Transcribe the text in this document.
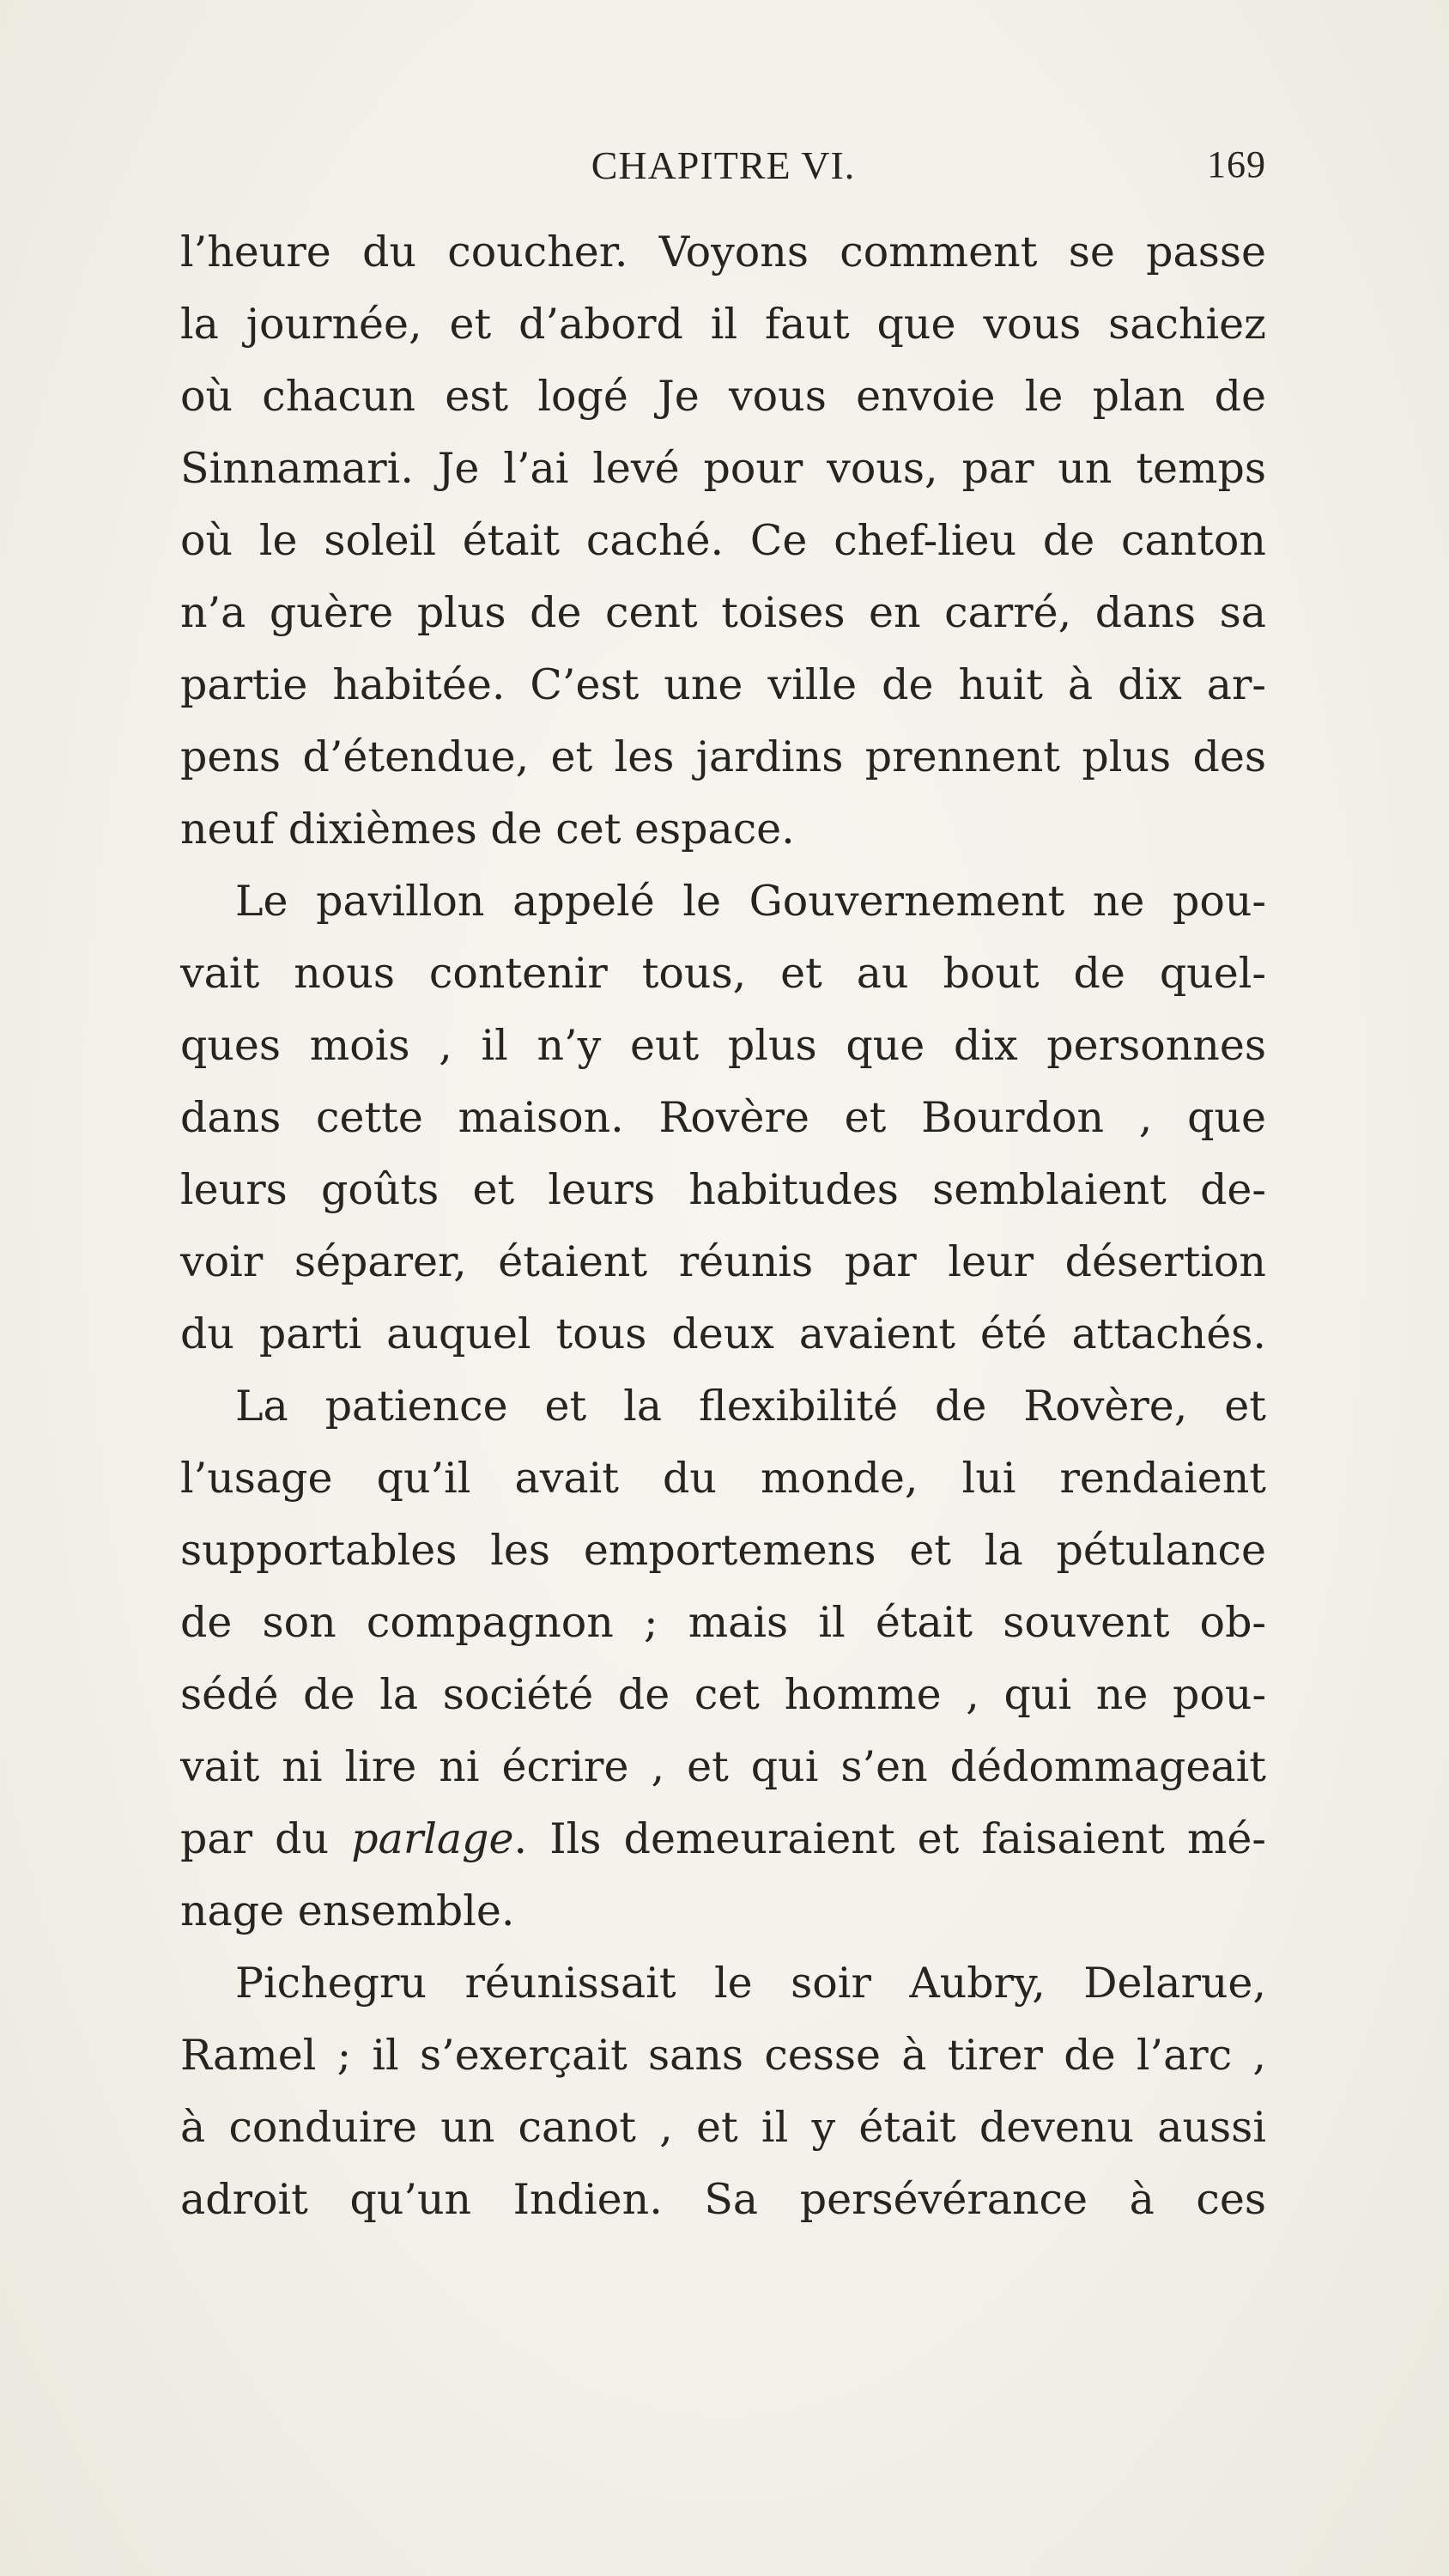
CHAPITRE VI.	169
l’heure du coucher. Voyons comment se passe
la journée, et d’abord il faut que vous sachiez
où chacun est logé Je vous envoie le plan de
Sinnamari. Je l’ai levé pour vous, par un temps
où le soleil était caché. Ce chef-lieu de canton
n’a guère plus de cent toises en carré, dans sa
partie habitée. C’est une ville de huit à dix ar-
pens d’étendue, et les jardins prennent plus des
neuf dixièmes de cet espace.
Le pavillon appelé le Gouvernement ne pou-
vait nous contenir tous, et au bout de quel-
ques mois , il n’y eut plus que dix personnes
dans cette maison. Rovère et Bourdon , que
leurs goûts et leurs habitudes semblaient de-
voir séparer, étaient réunis par leur désertion
du parti auquel tous deux avaient été attachés.
La patience et la flexibilité de Rovère, et
l’usage qu’il avait du monde, lui rendaient
supportables les emportemens et la pétulance
de son compagnon ; mais il était souvent ob-
sédé de la société de cet homme , qui ne pou-
vait ni lire ni écrire , et qui s’en dédommageait
par du parlage. Ils demeuraient et faisaient mé-
nage ensemble.
Pichegru réunissait le soir Aubry, Delarue,
Ramel ; il s’exerçait sans cesse à tirer de l’arc ,
à conduire un canot , et il y était devenu aussi
adroit qu’un Indien. Sa persévérance à ces
